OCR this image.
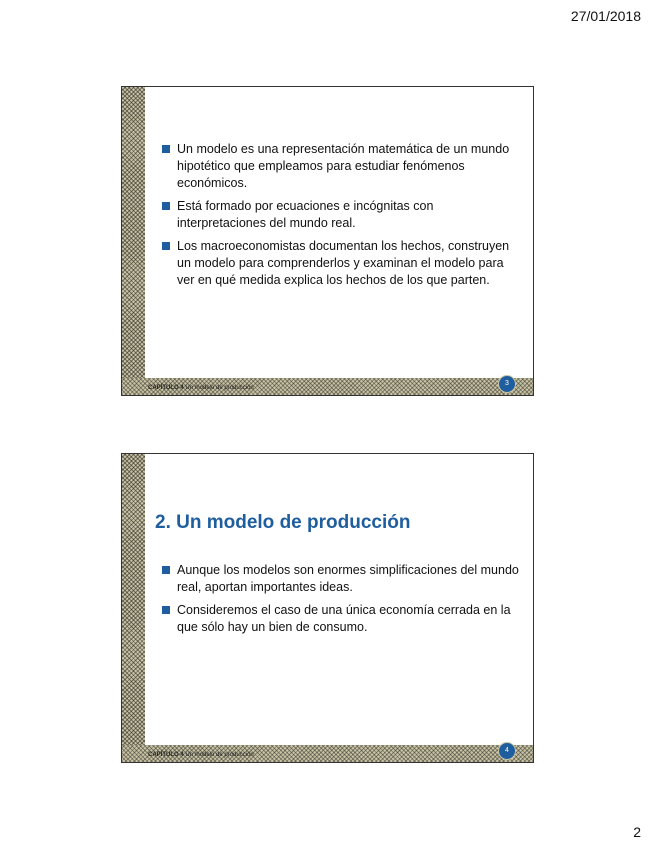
27/01/2018
Un modelo es una representación matemática de un mundo hipotético que empleamos para estudiar fenómenos económicos.
Está formado por ecuaciones e incógnitas con interpretaciones del mundo real.
Los macroeconomistas documentan los hechos, construyen un modelo para comprenderlos y examinan el modelo para ver en qué medida explica los hechos de los que parten.
CAPÍTULO 4 Un modelo de producción
3
2. Un modelo de producción
Aunque los modelos son enormes simplificaciones del mundo real, aportan importantes ideas.
Consideremos el caso de una única economía cerrada en la que sólo hay un bien de consumo.
CAPÍTULO 4 Un modelo de producción
4
2
